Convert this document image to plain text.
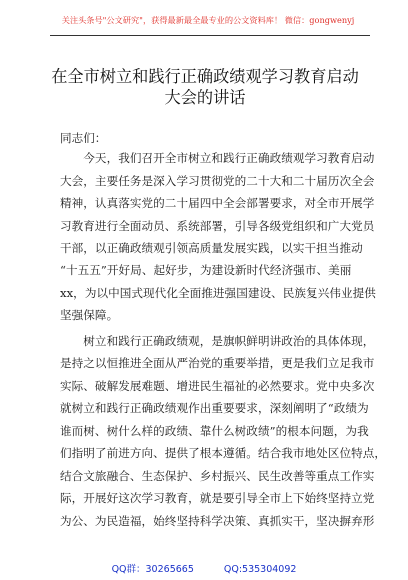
关注头条号"公文研究"，获得最新最全最专业的公文资料库！ 微信：gongwenyj
在全市树立和践行正确政绩观学习教育启动
大会的讲话
同志们：
　　今天，我们召开全市树立和践行正确政绩观学习教育启动
大会，主要任务是深入学习贯彻党的二十大和二十届历次全会
精神，认真落实党的二十届四中全会部署要求，对全市开展学
习教育进行全面动员、系统部署，引导各级党组织和广大党员
干部，以正确政绩观引领高质量发展实践，以实干担当推动
“十五五”开好局、起好步，为建设新时代经济强市、美丽
xx，为以中国式现代化全面推进强国建设、民族复兴伟业提供
坚强保障。
　　树立和践行正确政绩观，是旗帜鲜明讲政治的具体体现，
是持之以恒推进全面从严治党的重要举措，更是我们立足我市
实际、破解发展难题、增进民生福祉的必然要求。党中央多次
就树立和践行正确政绩观作出重要要求，深刻阐明了“政绩为
谁而树、树什么样的政绩、靠什么树政绩”的根本问题，为我
们指明了前进方向、提供了根本遵循。结合我市地处区位特点，
结合文旅融合、生态保护、乡村振兴、民生改善等重点工作实
际，开展好这次学习教育，就是要引导全市上下始终坚持立党
为公、为民造福，始终坚持科学决策、真抓实干，坚决摒弃形
QQ群：30265665	QQ:535304092
